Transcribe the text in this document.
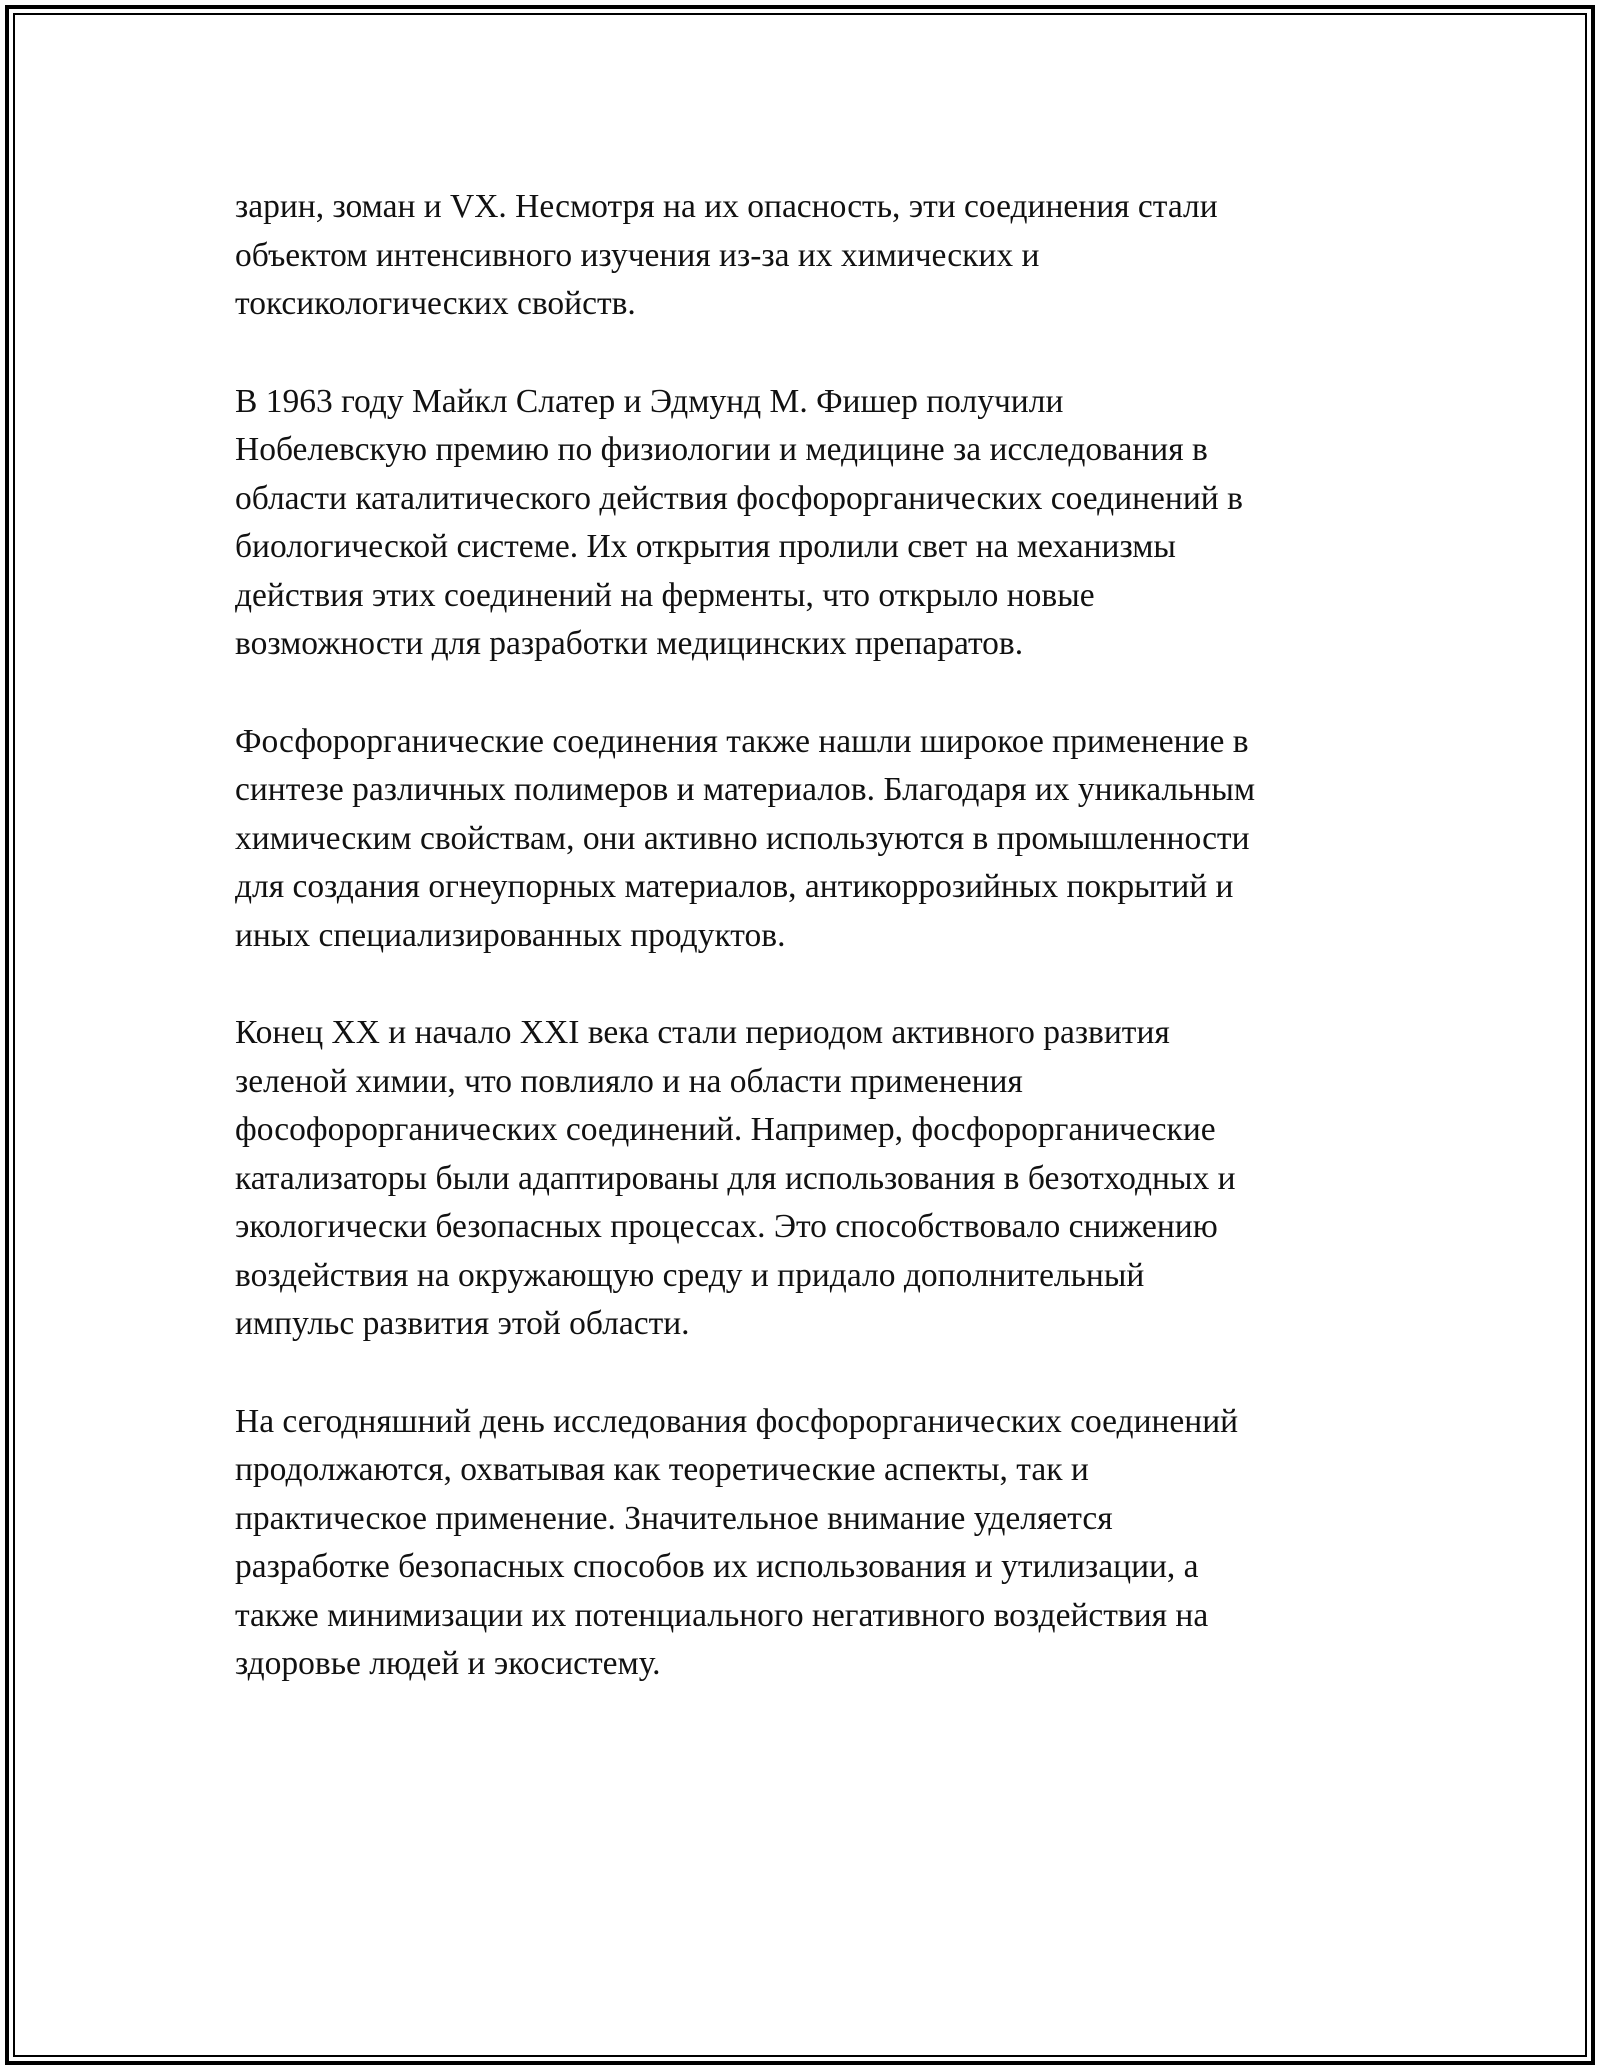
зарин, зоман и VX. Несмотря на их опасность, эти соединения стали
объектом интенсивного изучения из-за их химических и
токсикологических свойств.

В 1963 году Майкл Слатер и Эдмунд М. Фишер получили
Нобелевскую премию по физиологии и медицине за исследования в
области каталитического действия фосфорорганических соединений в
биологической системе. Их открытия пролили свет на механизмы
действия этих соединений на ферменты, что открыло новые
возможности для разработки медицинских препаратов.

Фосфорорганические соединения также нашли широкое применение в
синтезе различных полимеров и материалов. Благодаря их уникальным
химическим свойствам, они активно используются в промышленности
для создания огнеупорных материалов, антикоррозийных покрытий и
иных специализированных продуктов.

Конец XX и начало XXI века стали периодом активного развития
зеленой химии, что повлияло и на области применения
фософорорганических соединений. Например, фосфорорганические
катализаторы были адаптированы для использования в безотходных и
экологически безопасных процессах. Это способствовало снижению
воздействия на окружающую среду и придало дополнительный
импульс развития этой области.

На сегодняшний день исследования фосфорорганических соединений
продолжаются, охватывая как теоретические аспекты, так и
практическое применение. Значительное внимание уделяется
разработке безопасных способов их использования и утилизации, а
также минимизации их потенциального негативного воздействия на
здоровье людей и экосистему.
